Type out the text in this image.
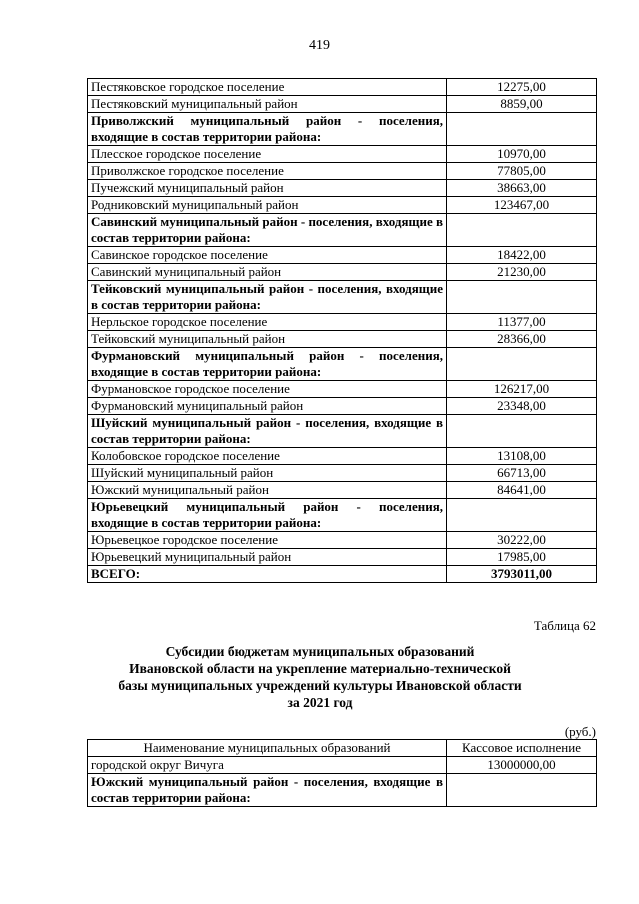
419
Пестяковское городское поселение	12275,00
Пестяковский муниципальный район	8859,00
Приволжский муниципальный район - поселения, входящие в состав территории района:	
Плесское городское поселение	10970,00
Приволжское городское поселение	77805,00
Пучежский муниципальный район	38663,00
Родниковский муниципальный район	123467,00
Савинский муниципальный район - поселения, входящие в состав территории района:	
Савинское городское поселение	18422,00
Савинский муниципальный район	21230,00
Тейковский муниципальный район - поселения, входящие в состав территории района:	
Нерльское городское поселение	11377,00
Тейковский муниципальный район	28366,00
Фурмановский муниципальный район - поселения, входящие в состав территории района:	
Фурмановское городское поселение	126217,00
Фурмановский муниципальный район	23348,00
Шуйский муниципальный район - поселения, входящие в состав территории района:	
Колобовское городское поселение	13108,00
Шуйский муниципальный район	66713,00
Южский муниципальный район	84641,00
Юрьевецкий муниципальный район - поселения, входящие в состав территории района:	
Юрьевецкое городское поселение	30222,00
Юрьевецкий муниципальный район	17985,00
ВСЕГО:	3793011,00
Таблица 62
Субсидии бюджетам муниципальных образований
Ивановской области на укрепление материально-технической
базы муниципальных учреждений культуры Ивановской области
за 2021 год
(руб.)
Наименование муниципальных образований	Кассовое исполнение
городской округ Вичуга	13000000,00
Южский муниципальный район - поселения, входящие в состав территории района:	
